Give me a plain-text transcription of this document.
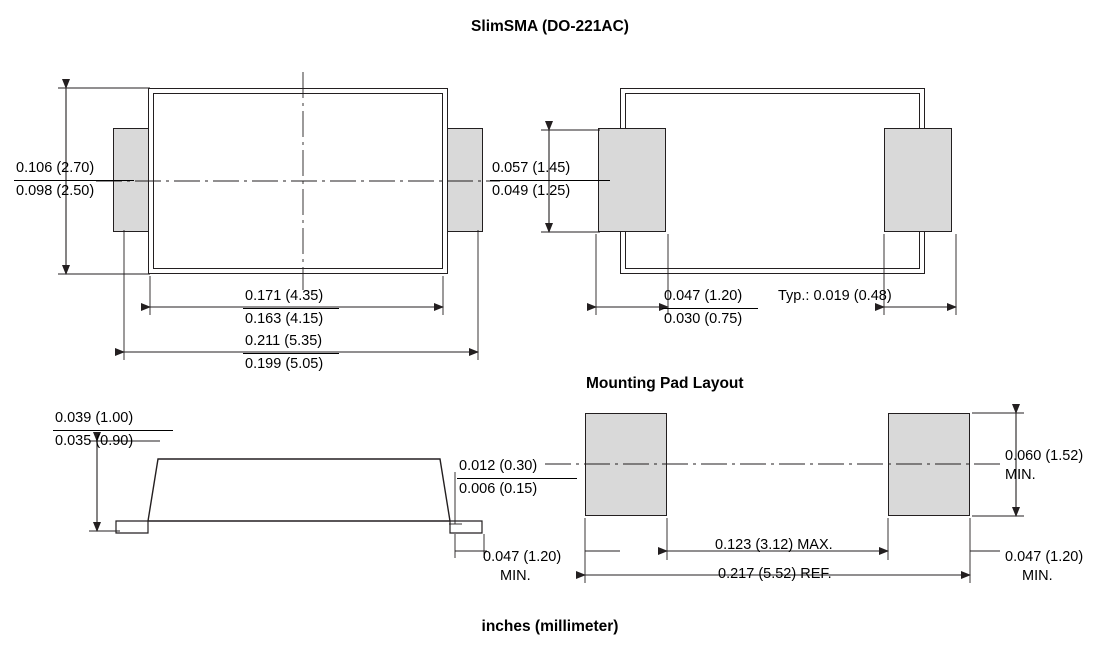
SlimSMA (DO-221AC)
inches (millimeter)
Mounting Pad Layout
0.106 (2.70)
0.098 (2.50)
0.171 (4.35)
0.163 (4.15)
0.211 (5.35)
0.199 (5.05)
0.057 (1.45)
0.049 (1.25)
0.047 (1.20)
0.030 (0.75)
Typ.: 0.019 (0.48)
0.039 (1.00)
0.035 (0.90)
0.012 (0.30)
0.006 (0.15)
0.047 (1.20)
MIN.
0.060 (1.52)
MIN.
0.123 (3.12) MAX.
0.217 (5.52) REF.
0.047 (1.20)
MIN.
